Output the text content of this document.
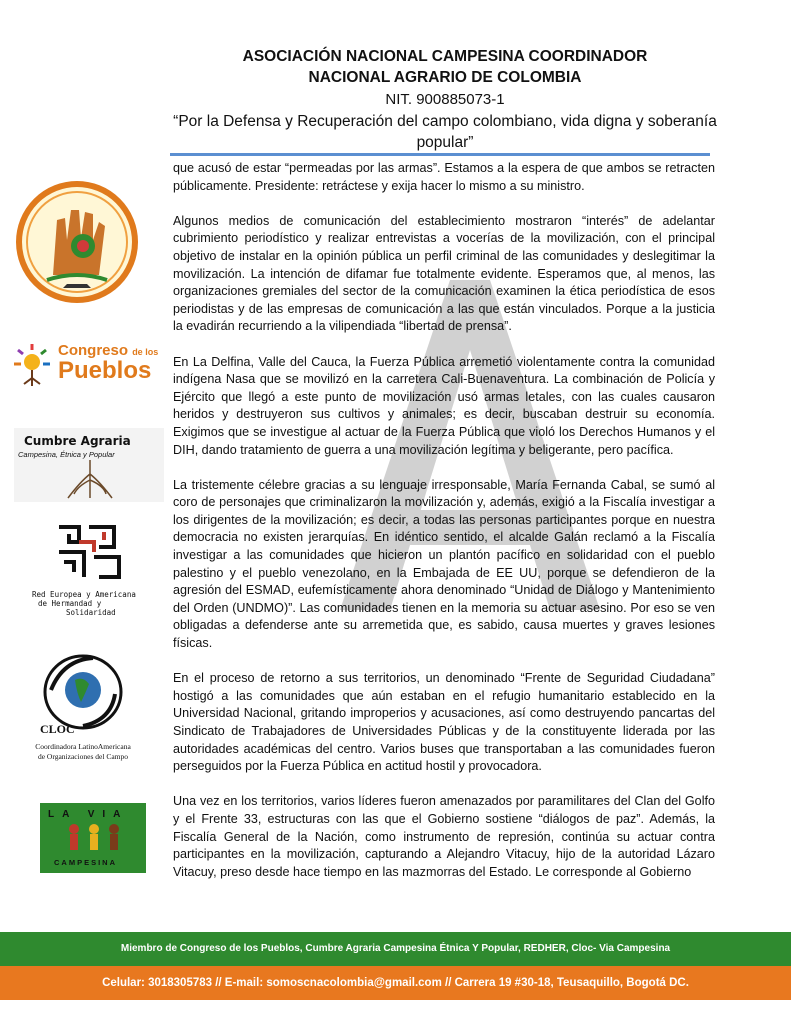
ASOCIACIÓN NACIONAL CAMPESINA COORDINADOR
NACIONAL AGRARIO DE COLOMBIA
NIT. 900885073-1
“Por la Defensa y Recuperación del campo colombiano, vida digna y soberanía popular”
Congreso de los
Pueblos
Cumbre Agraria
Campesina, Étnica y Popular
Red Europea y Americana
de Hermandad y
Solidaridad
CLOC
Coordinadora LatinoAmericana
de Organizaciones del Campo
LA VIA
CAMPESINA

que acusó de estar “permeadas por las armas”. Estamos a la espera de que ambos se retracten públicamente. Presidente: retráctese y exija hacer lo mismo a su ministro.

Algunos medios de comunicación del establecimiento mostraron “interés” de adelantar cubrimiento periodístico y realizar entrevistas a vocerías de la movilización, con el principal objetivo de instalar en la opinión pública un perfil criminal de las comunidades y deslegitimar la movilización. La intención de difamar fue totalmente evidente. Esperamos que, al menos, las organizaciones gremiales del sector de la comunicación examinen la ética periodística de esos periodistas y de las empresas de comunicación a las que están vinculados. Porque a la justicia la evadirán recurriendo a la vilipendiada “libertad de prensa”.

En La Delfina, Valle del Cauca, la Fuerza Pública arremetió violentamente contra la comunidad indígena Nasa que se movilizó en la carretera Cali-Buenaventura. La combinación de Policía y Ejército que llegó a este punto de movilización usó armas letales, con las cuales causaron heridos y destruyeron sus cultivos y animales; es decir, buscaban destruir su economía. Exigimos que se investigue al actuar de la Fuerza Pública que violó los Derechos Humanos y el DIH, dando tratamiento de guerra a una movilización legítima y beligerante, pero pacífica.

La tristemente célebre gracias a su lenguaje irresponsable, María Fernanda Cabal, se sumó al coro de personajes que criminalizaron la movilización y, además, exigió a la Fiscalía investigar a los dirigentes de la movilización; es decir, a todas las personas participantes porque en nuestra democracia no existen jerarquías. En idéntico sentido, el alcalde Galán reclamó a la Fiscalía investigar a las comunidades que hicieron un plantón pacífico en solidaridad con el pueblo palestino y el pueblo venezolano, en la Embajada de EE UU, porque se defendieron de la agresión del ESMAD, eufemísticamente ahora denominado “Unidad de Diálogo y Mantenimiento del Orden (UNDMO)”. Las comunidades tienen en la memoria su actuar asesino. Por eso se ven obligadas a defenderse ante su arremetida que, es sabido, causa muertes y graves lesiones físicas.

En el proceso de retorno a sus territorios, un denominado “Frente de Seguridad Ciudadana” hostigó a las comunidades que aún estaban en el refugio humanitario establecido en la Universidad Nacional, gritando improperios y acusaciones, así como destruyendo pancartas del Sindicato de Trabajadores de Universidades Públicas y de la constituyente liderada por las autoridades académicas del centro. Varios buses que transportaban a las comunidades fueron perseguidos por la Fuerza Pública en actitud hostil y provocadora.

Una vez en los territorios, varios líderes fueron amenazados por paramilitares del Clan del Golfo y el Frente 33, estructuras con las que el Gobierno sostiene “diálogos de paz”. Además, la Fiscalía General de la Nación, como instrumento de represión, continúa su actuar contra participantes en la movilización, capturando a Alejandro Vitacuy, hijo de la autoridad Lázaro Vitacuy, preso desde hace tiempo en las mazmorras del Estado. Le corresponde al Gobierno

Miembro de Congreso de los Pueblos, Cumbre Agraria Campesina Étnica Y Popular, REDHER, Cloc- Via Campesina
Celular: 3018305783 // E-mail: somoscnacolombia@gmail.com // Carrera 19 #30-18, Teusaquillo, Bogotá DC.
